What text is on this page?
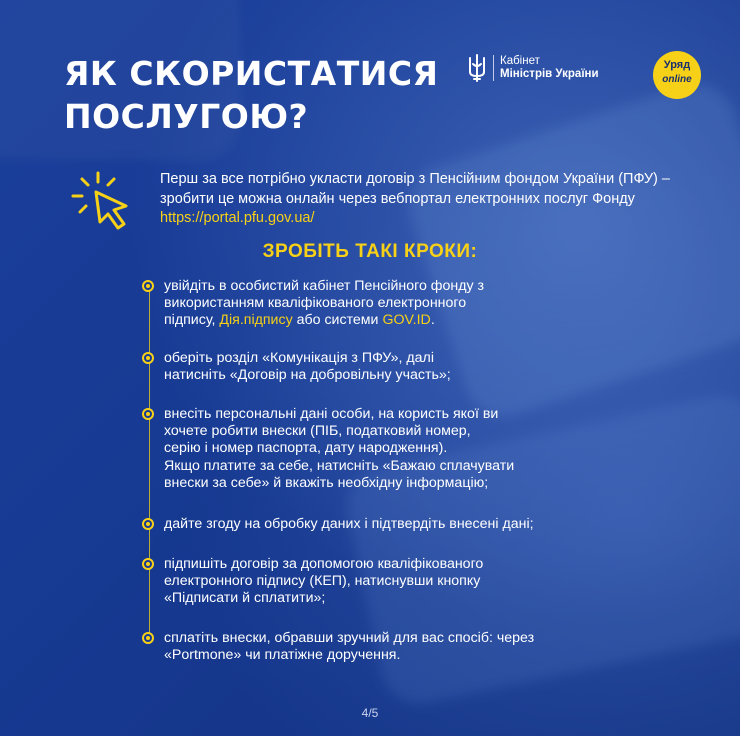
ЯК СКОРИСТАТИСЯ
ПОСЛУГОЮ?
Кабінет
Міністрів України
Уряд
online

Перш за все потрібно укласти договір з Пенсійним фондом України (ПФУ) – зробити це можна онлайн через вебпортал електронних послуг Фонду https://portal.pfu.gov.ua/

ЗРОБІТЬ ТАКІ КРОКИ:
увійдіть в особистий кабінет Пенсійного фонду з
використанням кваліфікованого електронного
підпису, Дія.підпису або системи GOV.ID.
оберіть розділ «Комунікація з ПФУ», далі
натисніть «Договір на добровільну участь»;
внесіть персональні дані особи, на користь якої ви
хочете робити внески (ПІБ, податковий номер,
серію і номер паспорта, дату народження).
Якщо платите за себе, натисніть «Бажаю сплачувати
внески за себе» й вкажіть необхідну інформацію;
дайте згоду на обробку даних і підтвердіть внесені дані;
підпишіть договір за допомогою кваліфікованого
електронного підпису (КЕП), натиснувши кнопку
«Підписати й сплатити»;
сплатіть внески, обравши зручний для вас спосіб: через
«Portmone» чи платіжне доручення.
4/5
